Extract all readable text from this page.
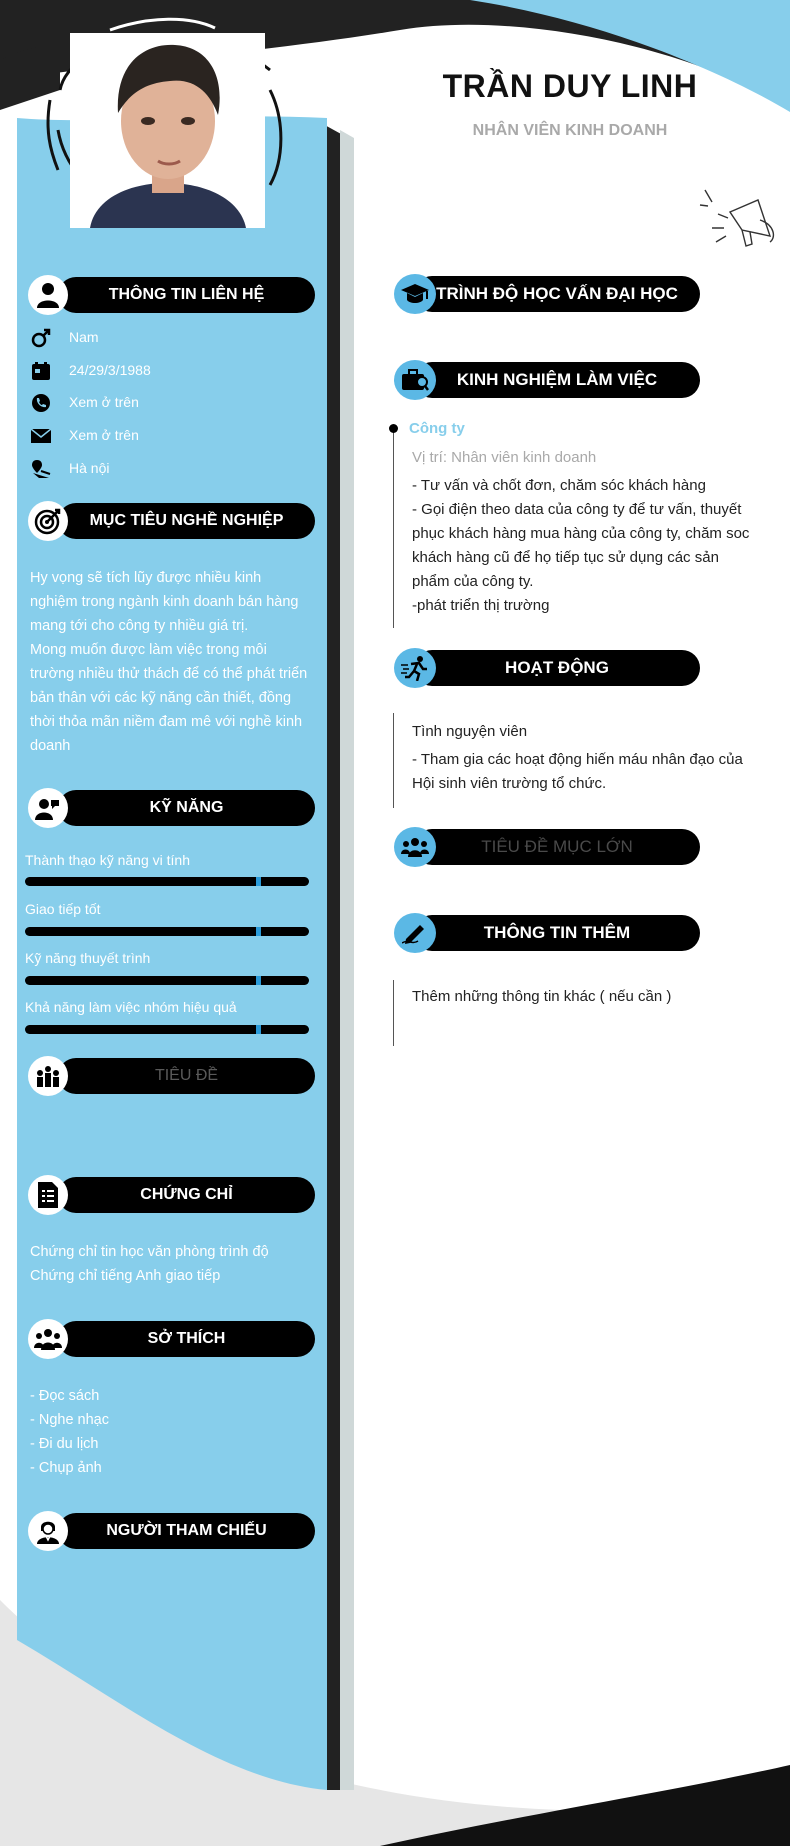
TRẦN DUY LINH
NHÂN VIÊN KINH DOANH
THÔNG TIN LIÊN HỆ
Nam
24/29/3/1988
Xem ở trên
Xem ở trên
Hà nội
MỤC TIÊU NGHỀ NGHIỆP
Hy vọng sẽ tích lũy được nhiều kinh
nghiệm trong ngành kinh doanh bán hàng
mang tới cho công ty nhiều giá trị.
Mong muốn được làm việc trong môi
trường nhiều thử thách để có thể phát triển
bản thân với các kỹ năng cần thiết, đồng
thời thỏa mãn niềm đam mê với nghề kinh
doanh
KỸ NĂNG
Thành thạo kỹ năng vi tính
Giao tiếp tốt
Kỹ năng thuyết trình
Khả năng làm việc nhóm hiệu quả
TIÊU ĐỀ
CHỨNG CHỈ
Chứng chỉ tin học văn phòng trình độ
Chứng chỉ tiếng Anh giao tiếp
SỞ THÍCH
- Đọc sách
- Nghe nhạc
- Đi du lịch
- Chụp ảnh
NGƯỜI THAM CHIẾU
TRÌNH ĐỘ HỌC VẤN ĐẠI HỌC
KINH NGHIỆM LÀM VIỆC
Công ty
Vị trí: Nhân viên kinh doanh
- Tư vấn và chốt đơn, chăm sóc khách hàng
- Gọi điện theo data của công ty để tư vấn, thuyết
phục khách hàng mua hàng của công ty, chăm soc
khách hàng cũ để họ tiếp tục sử dụng các sản
phẩm của công ty.
-phát triển thị trường
HOẠT ĐỘNG
Tình nguyện viên
- Tham gia các hoạt động hiến máu nhân đạo của
Hội sinh viên trường tổ chức.
TIÊU ĐỀ MỤC LỚN
THÔNG TIN THÊM
Thêm những thông tin khác ( nếu cần )
